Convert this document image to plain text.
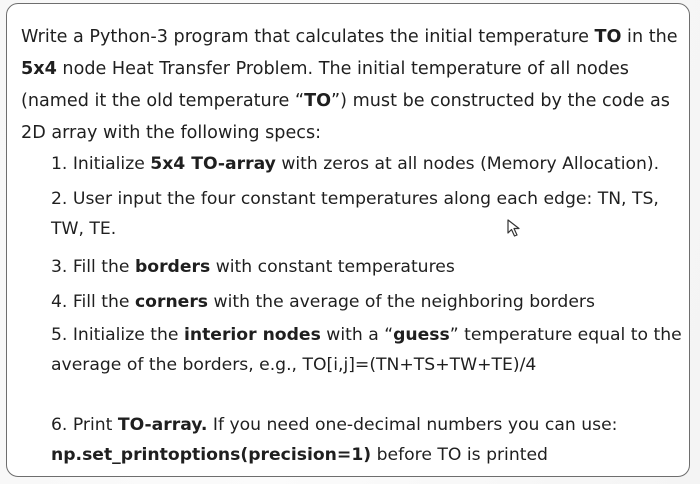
Write a Python-3 program that calculates the initial temperature TO in the
5x4 node Heat Transfer Problem. The initial temperature of all nodes
(named it the old temperature “TO”) must be constructed by the code as
2D array with the following specs:
1. Initialize 5x4 TO-array with zeros at all nodes (Memory Allocation).
2. User input the four constant temperatures along each edge: TN, TS,
TW, TE.
3. Fill the borders with constant temperatures
4. Fill the corners with the average of the neighboring borders
5. Initialize the interior nodes with a “guess” temperature equal to the
average of the borders, e.g., TO[i,j]=(TN+TS+TW+TE)/4
6. Print TO-array. If you need one-decimal numbers you can use:
np.set_printoptions(precision=1) before TO is printed
